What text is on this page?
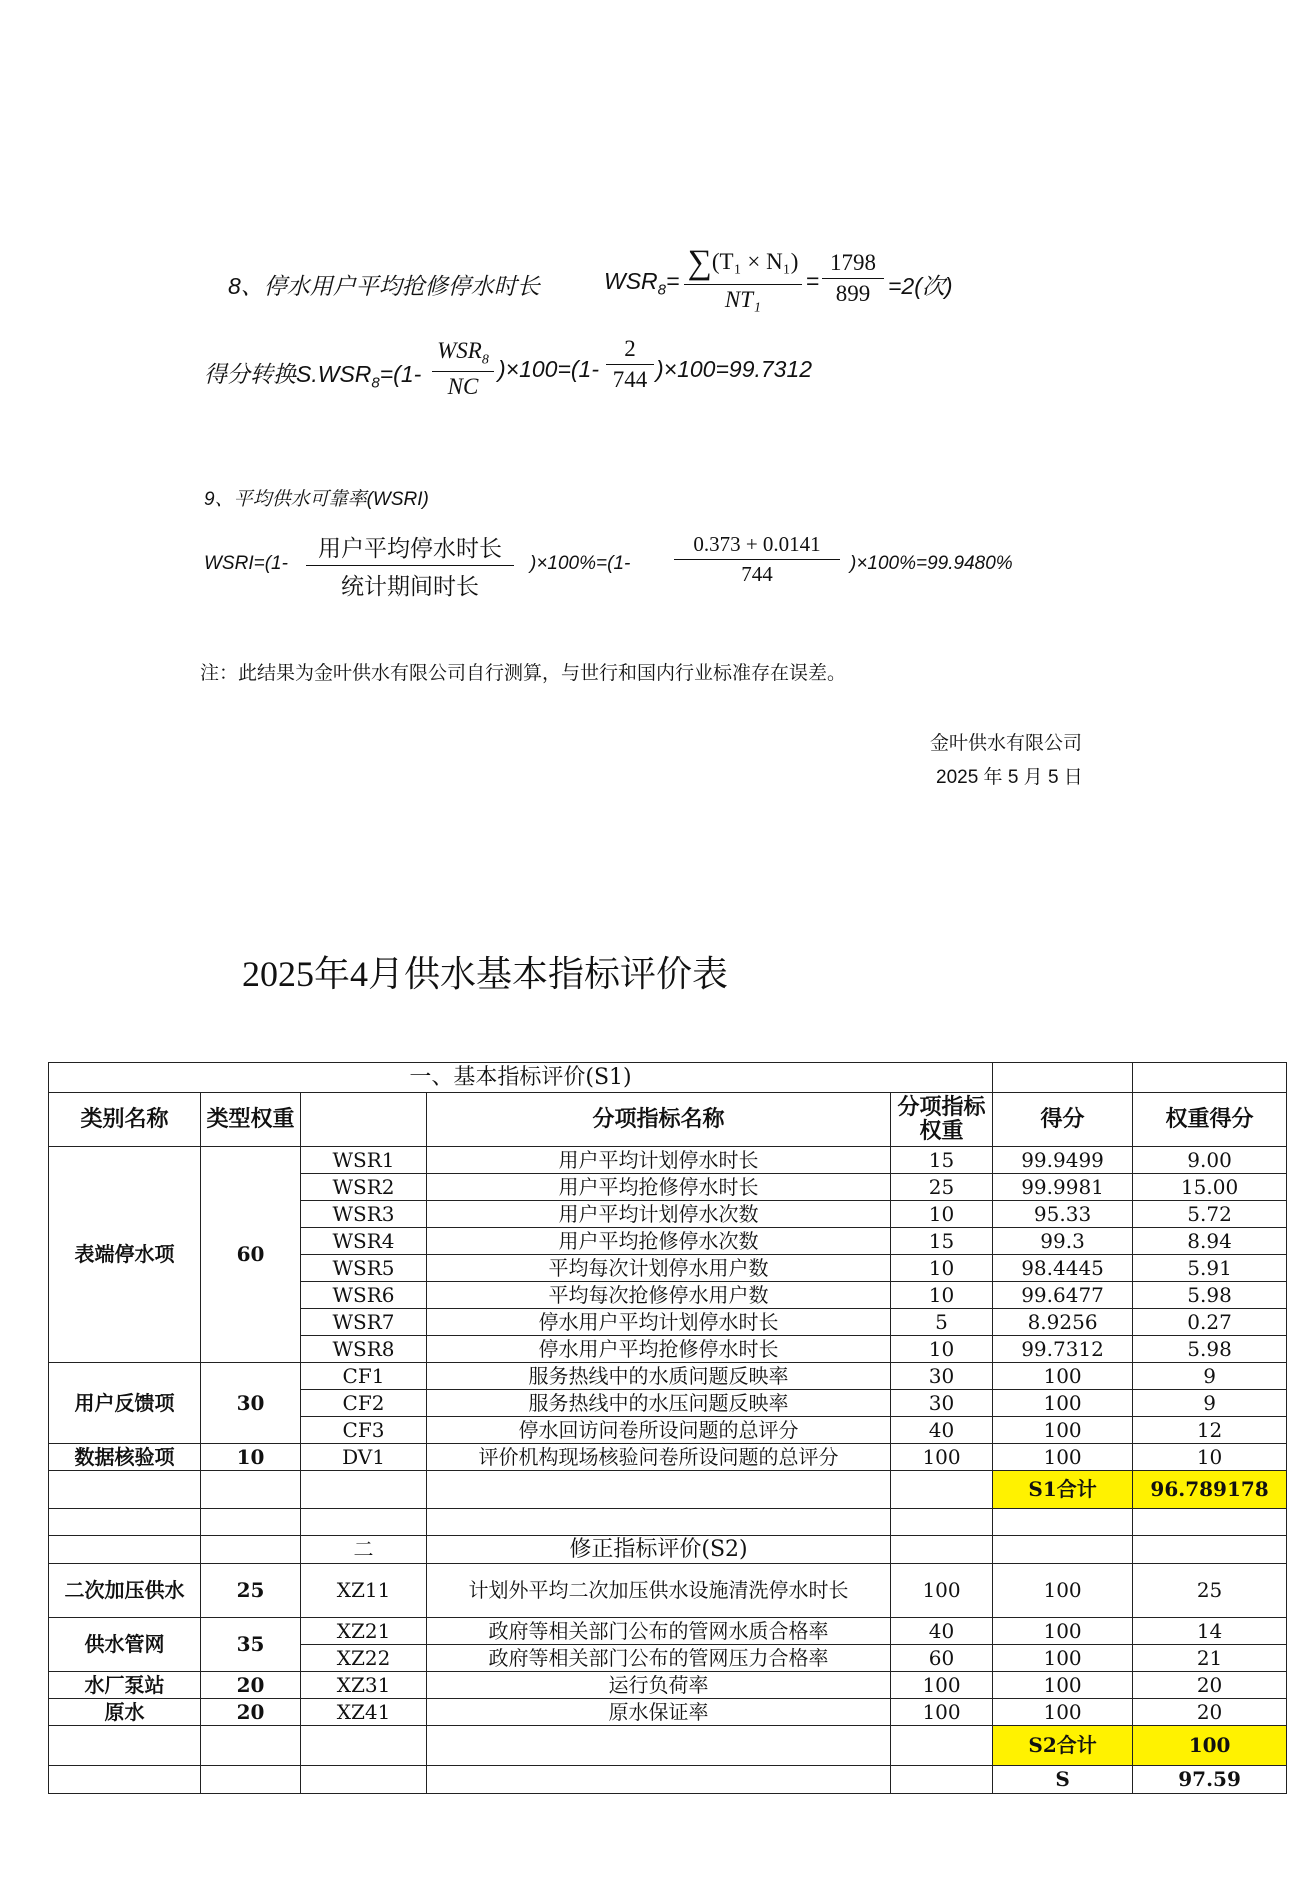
8、停水用户平均抢修停水时长	$WSR_8= \sum(T_1 \times N_1)$
NT₁
=
1798
899 =2(次)
得分转换$S.WSR_8=(1-$
$WSR_8$
NC
)×100=(1-
2
744 )×100=99.7312
9、平均供水可靠率(WSRI)
WSRI=(1-
用户平均停水时长
统计期间时长
)×100%=(1-
0.373 + 0.0141
744	)×100%=99.9480%
注：此结果为金叶供水有限公司自行测算，与世行和国内行业标准存在误差。
金叶供水有限公司
2025 年 5 月 5 日
2025年4月供水基本指标评价表
一、基本指标评价(S1)						
类别名称	类型权重		分项指标名称	分项指标权重	得分	权重得分
表端停水项	60	WSR1	用户平均计划停水时长	15	99.9499	9.00
		WSR2	用户平均抢修停水时长	25	99.9981	15.00
		WSR3	用户平均计划停水次数	10	95.33	5.72
		WSR4	用户平均抢修停水次数	15	99.3	8.94
		WSR5	平均每次计划停水用户数	10	98.4445	5.91
		WSR6	平均每次抢修停水用户数	10	99.6477	5.98
		WSR7	停水用户平均计划停水时长	5	8.9256	0.27
		WSR8	停水用户平均抢修停水时长	10	99.7312	5.98
用户反馈项	30	CF1	服务热线中的水质问题反映率	30	100	9
		CF2	服务热线中的水压问题反映率	30	100	9
		CF3	停水回访问卷所设问题的总评分	40	100	12
数据核验项	10	DV1	评价机构现场核验问卷所设问题的总评分	100	100	10
					S1合计	96.789178

		二	修正指标评价(S2)			
二次加压供水	25	XZ11	计划外平均二次加压供水设施清洗停水时长	100	100	25
供水管网	35	XZ21	政府等相关部门公布的管网水质合格率	40	100	14
		XZ22	政府等相关部门公布的管网压力合格率	60	100	21
水厂泵站	20	XZ31	运行负荷率	100	100	20
原水	20	XZ41	原水保证率	100	100	20
					S2合计	100
					S	97.59
